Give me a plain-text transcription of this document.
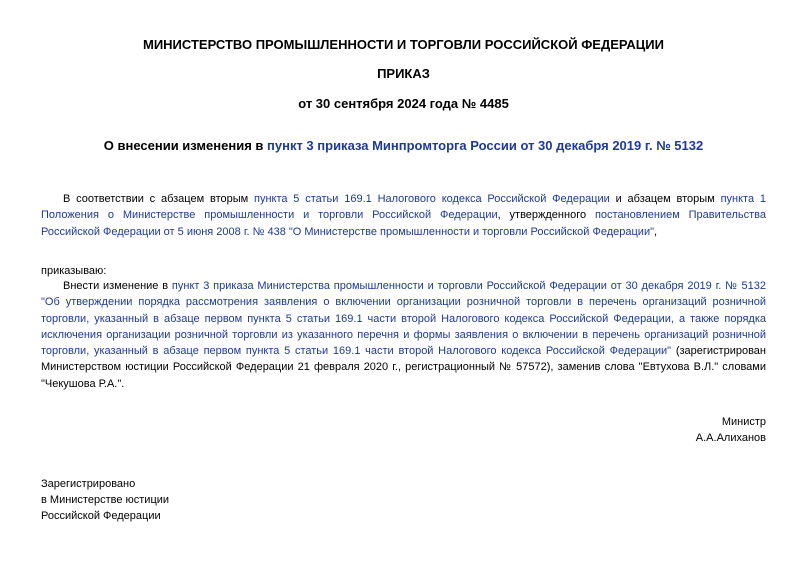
МИНИСТЕРСТВО ПРОМЫШЛЕННОСТИ И ТОРГОВЛИ РОССИЙСКОЙ ФЕДЕРАЦИИ
ПРИКАЗ
от 30 сентября 2024 года № 4485
О внесении изменения в пункт 3 приказа Минпромторга России от 30 декабря 2019 г. № 5132
В соответствии с абзацем вторым пункта 5 статьи 169.1 Налогового кодекса Российской Федерации и абзацем вторым пункта 1 Положения о Министерстве промышленности и торговли Российской Федерации, утвержденного постановлением Правительства Российской Федерации от 5 июня 2008 г. № 438 "О Министерстве промышленности и торговли Российской Федерации",
приказываю:
Внести изменение в пункт 3 приказа Министерства промышленности и торговли Российской Федерации от 30 декабря 2019 г. № 5132 "Об утверждении порядка рассмотрения заявления о включении организации розничной торговли в перечень организаций розничной торговли, указанный в абзаце первом пункта 5 статьи 169.1 части второй Налогового кодекса Российской Федерации, а также порядка исключения организации розничной торговли из указанного перечня и формы заявления о включении в перечень организаций розничной торговли, указанный в абзаце первом пункта 5 статьи 169.1 части второй Налогового кодекса Российской Федерации" (зарегистрирован Министерством юстиции Российской Федерации 21 февраля 2020 г., регистрационный № 57572), заменив слова "Евтухова В.Л." словами "Чекушова Р.А.".
Министр
А.А.Алиханов
Зарегистрировано
в Министерстве юстиции
Российской Федерации
